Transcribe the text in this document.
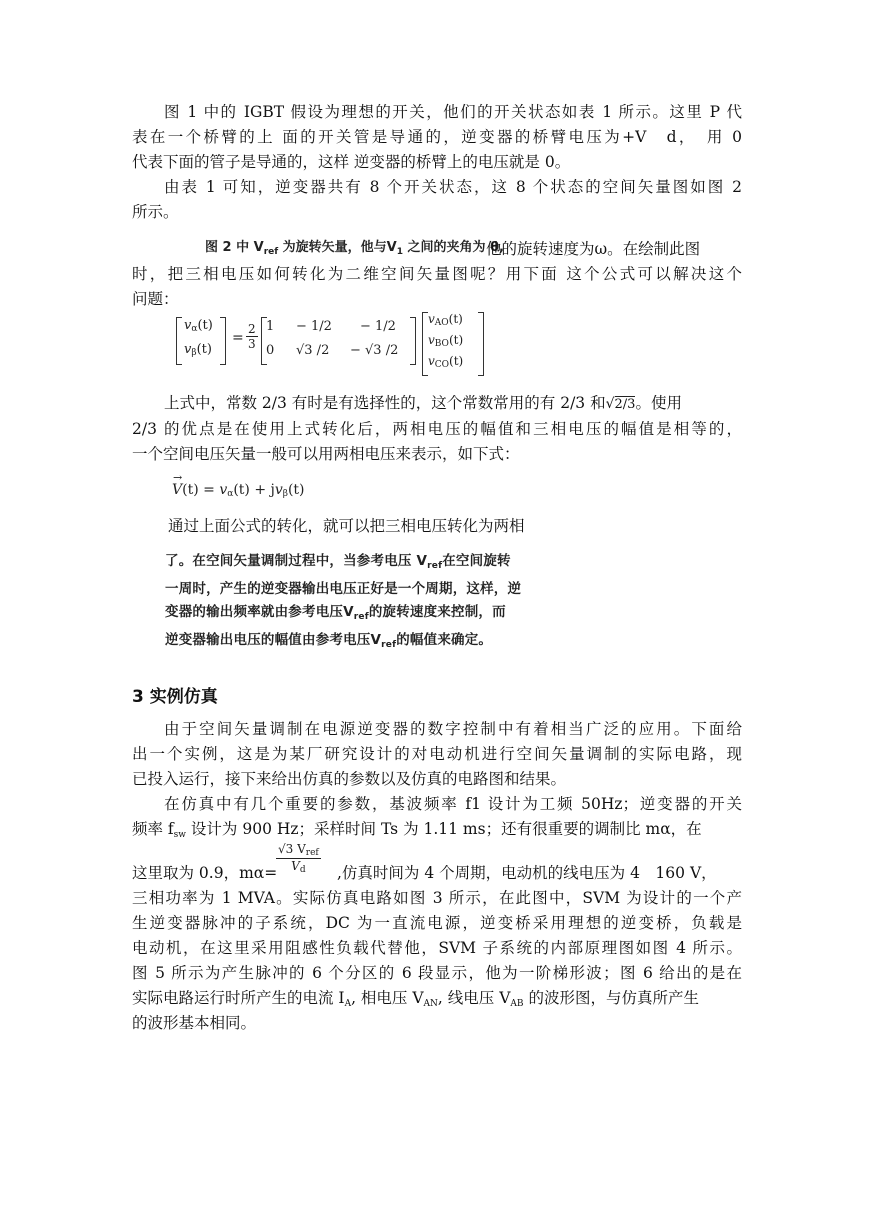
图 1 中的 IGBT 假设为理想的开关，他们的开关状态如表 1 所示。这里 P 代
表在一个桥臂的上 面的开关管是导通的，逆变器的桥臂电压为+V　d，　用 0
代表下面的管子是导通的，这样 逆变器的桥臂上的电压就是 0。
由表 1 可知，逆变器共有 8 个开关状态，这 8 个状态的空间矢量图如图 2
所示。
图 2 中 $V_{ref}$ 为旋转矢量，他与$V_1$ 之间的夹角为 θ,
他的旋转速度为ω。在绘制此图
时，把三相电压如何转化为二维空间矢量图呢？用下面 这个公式可以解决这个
问题：
vα(t)
vβ(t)
= $\frac{2}{3} 1 - 1/2 - 1/2$
0 √3 /2 − √3 /2
vAO(t)
vBO(t)
vCO(t)
上式中，常数 2/3 有时是有选择性的，这个常数常用的有 2/3 和√2/3。使用
2/3 的优点是在使用上式转化后，两相电压的幅值和三相电压的幅值是相等的，
一个空间电压矢量一般可以用两相电压来表示，如下式：
→ V(t) = vα(t) + jvβ(t)
通过上面公式的转化，就可以把三相电压转化为两相
了。在空间矢量调制过程中，当参考电压 $V_{ref}$在空间旋转
一周时，产生的逆变器输出电压正好是一个周期，这样，逆
变器的输出频率就由参考电压$V_{ref}$的旋转速度来控制，而
逆变器输出电压的幅值由参考电压$V_{ref}$的幅值来确定。
3 实例仿真
由于空间矢量调制在电源逆变器的数字控制中有着相当广泛的应用。下面给
出一个实例，这是为某厂研究设计的对电动机进行空间矢量调制的实际电路，现
已投入运行，接下来给出仿真的参数以及仿真的电路图和结果。
在仿真中有几个重要的参数，基波频率 f1 设计为工频 50Hz；逆变器的开关
频率 $f_{sw}$ 设计为 900 Hz；采样时间 Ts 为 1.11 ms；还有很重要的调制比 mα，在
这里取为 0.9，mα=
$\frac{\text{√3 Vref}}{Vd}$ ,仿真时间为 4 个周期，电动机的线电压为 4　160 V，
三相功率为 1 MVA。实际仿真电路如图 3 所示，在此图中，SVM 为设计的一个产
生逆变器脉冲的子系统，DC 为一直流电源，逆变桥采用理想的逆变桥，负载是
电动机，在这里采用阻感性负载代替他，SVM 子系统的内部原理图如图 4 所示。
图 5 所示为产生脉冲的 6 个分区的 6 段显示，他为一阶梯形波；图 6 给出的是在
实际电路运行时所产生的电流 $I_A$, 相电压 $V_{AN}$, 线电压 $V_{AB}$ 的波形图，与仿真所产生
的波形基本相同。
